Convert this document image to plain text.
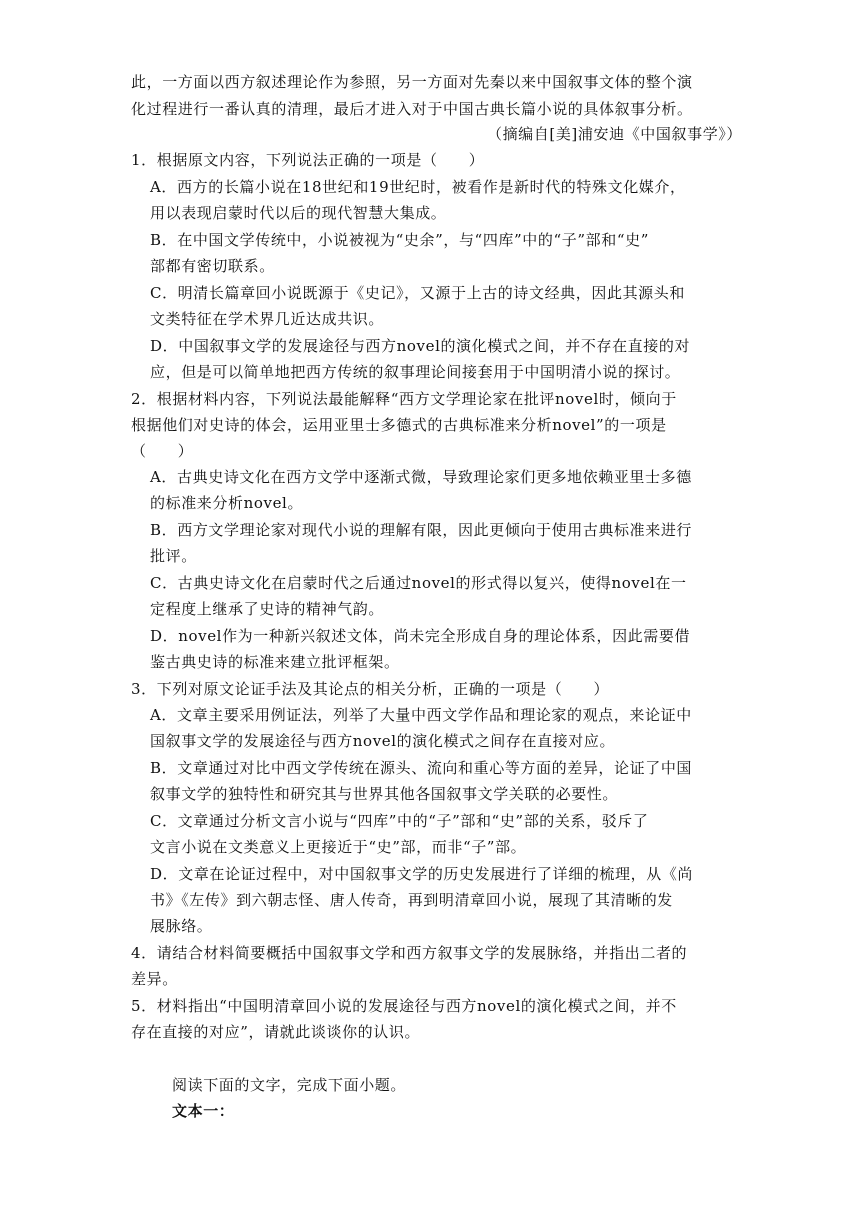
此，一方面以西方叙述理论作为参照，另一方面对先秦以来中国叙事文体的整个演
化过程进行一番认真的清理，最后才进入对于中国古典长篇小说的具体叙事分析。
（摘编自[美]浦安迪《中国叙事学》）
1．根据原文内容，下列说法正确的一项是（　　）
A．西方的长篇小说在18世纪和19世纪时，被看作是新时代的特殊文化媒介，
用以表现启蒙时代以后的现代智慧大集成。
B．在中国文学传统中，小说被视为“史余”，与“四库”中的“子”部和“史”
部都有密切联系。
C．明清长篇章回小说既源于《史记》，又源于上古的诗文经典，因此其源头和
文类特征在学术界几近达成共识。
D．中国叙事文学的发展途径与西方novel的演化模式之间，并不存在直接的对
应，但是可以简单地把西方传统的叙事理论间接套用于中国明清小说的探讨。
2．根据材料内容，下列说法最能解释“西方文学理论家在批评novel时，倾向于
根据他们对史诗的体会，运用亚里士多德式的古典标准来分析novel”的一项是
（　　）
A．古典史诗文化在西方文学中逐渐式微，导致理论家们更多地依赖亚里士多德
的标准来分析novel。
B．西方文学理论家对现代小说的理解有限，因此更倾向于使用古典标准来进行
批评。
C．古典史诗文化在启蒙时代之后通过novel的形式得以复兴，使得novel在一
定程度上继承了史诗的精神气韵。
D．novel作为一种新兴叙述文体，尚未完全形成自身的理论体系，因此需要借
鉴古典史诗的标准来建立批评框架。
3．下列对原文论证手法及其论点的相关分析，正确的一项是（　　）
A．文章主要采用例证法，列举了大量中西文学作品和理论家的观点，来论证中
国叙事文学的发展途径与西方novel的演化模式之间存在直接对应。
B．文章通过对比中西文学传统在源头、流向和重心等方面的差异，论证了中国
叙事文学的独特性和研究其与世界其他各国叙事文学关联的必要性。
C．文章通过分析文言小说与“四库”中的“子”部和“史”部的关系，驳斥了
文言小说在文类意义上更接近于“史”部，而非“子”部。
D．文章在论证过程中，对中国叙事文学的历史发展进行了详细的梳理，从《尚
书》《左传》到六朝志怪、唐人传奇，再到明清章回小说，展现了其清晰的发
展脉络。
4．请结合材料简要概括中国叙事文学和西方叙事文学的发展脉络，并指出二者的
差异。
5．材料指出“中国明清章回小说的发展途径与西方novel的演化模式之间，并不
存在直接的对应”，请就此谈谈你的认识。
阅读下面的文字，完成下面小题。
文本一：
